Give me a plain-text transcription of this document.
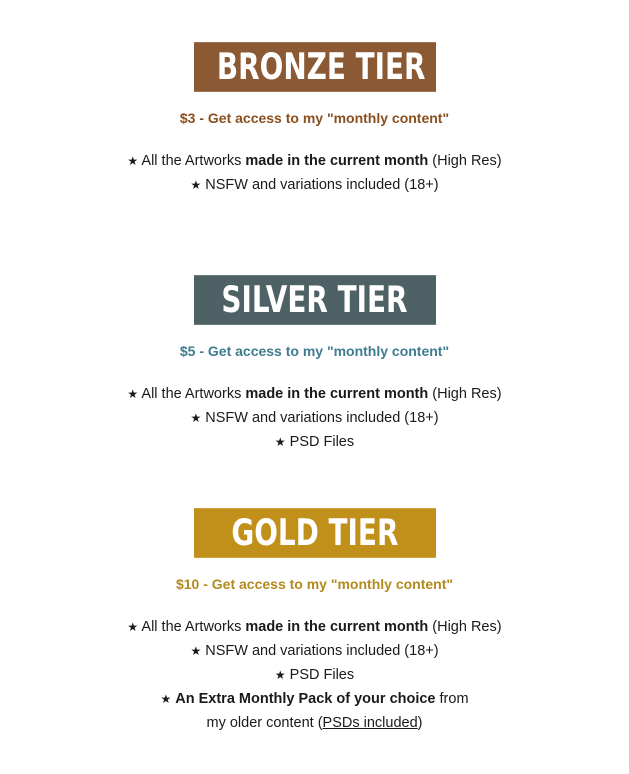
BRONZE TIER
$3 - Get access to my "monthly content"
★ All the Artworks made in the current month (High Res)
★ NSFW and variations included (18+)
SILVER TIER
$5 - Get access to my "monthly content"
★ All the Artworks made in the current month (High Res)
★ NSFW and variations included (18+)
★ PSD Files
GOLD TIER
$10 - Get access to my "monthly content"
★ All the Artworks made in the current month (High Res)
★ NSFW and variations included (18+)
★ PSD Files
★ An Extra Monthly Pack of your choice from
my older content (PSDs included)
